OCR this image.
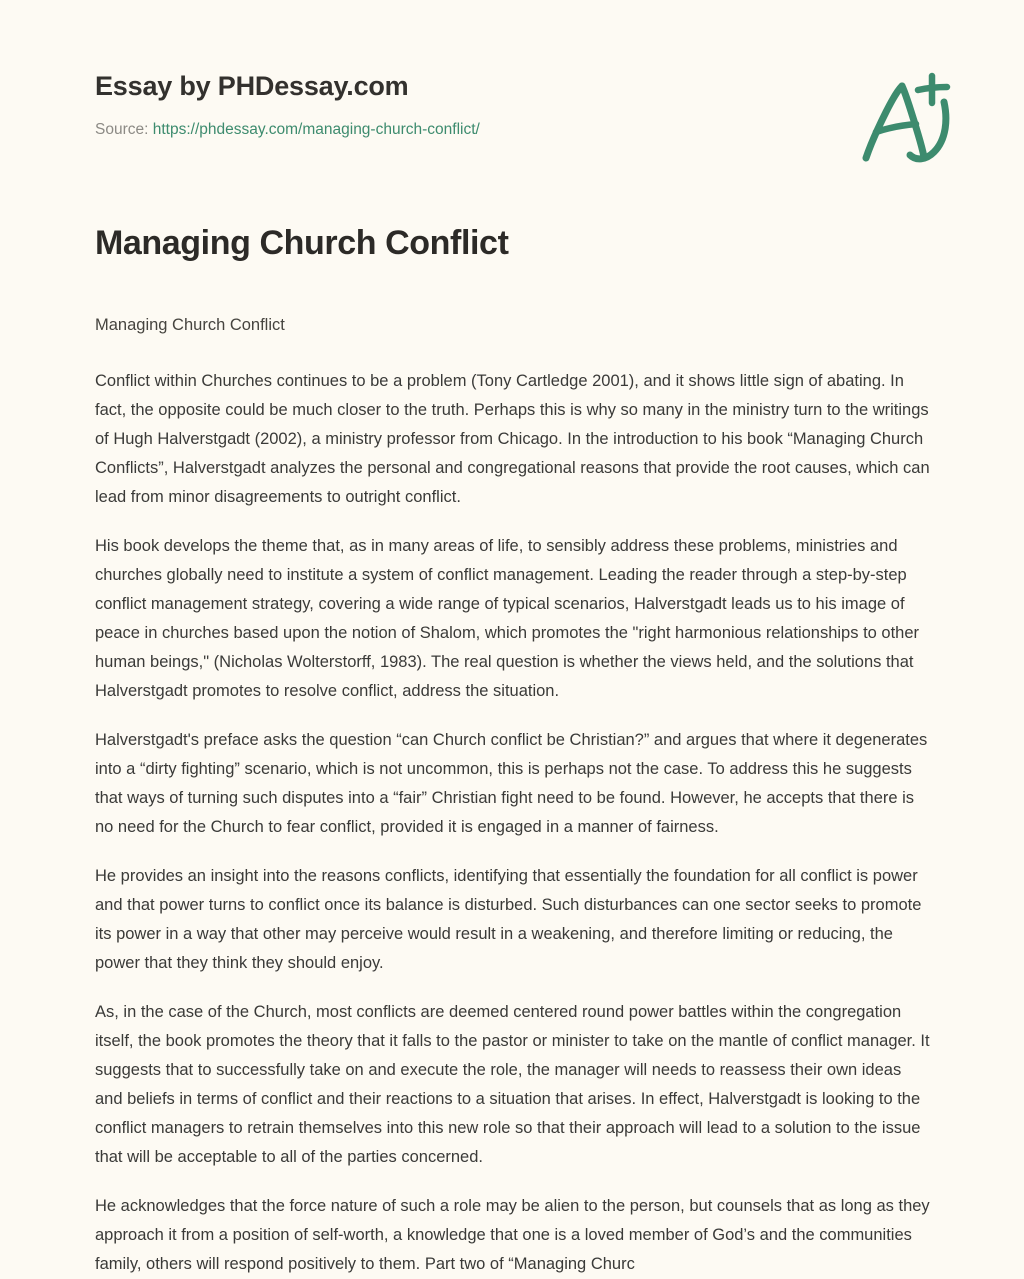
Essay by PHDessay.com
Source: https://phdessay.com/managing-church-conflict/
Managing Church Conflict

Managing Church Conflict

Conflict within Churches continues to be a problem (Tony Cartledge 2001), and it shows little sign of abating. In fact, the opposite could be much closer to the truth. Perhaps this is why so many in the ministry turn to the writings of Hugh Halverstgadt (2002), a ministry professor from Chicago. In the introduction to his book “Managing Church Conflicts”, Halverstgadt analyzes the personal and congregational reasons that provide the root causes, which can lead from minor disagreements to outright conflict.

His book develops the theme that, as in many areas of life, to sensibly address these problems, ministries and churches globally need to institute a system of conflict management. Leading the reader through a step-by-step conflict management strategy, covering a wide range of typical scenarios, Halverstgadt leads us to his image of peace in churches based upon the notion of Shalom, which promotes the "right harmonious relationships to other human beings," (Nicholas Wolterstorff, 1983). The real question is whether the views held, and the solutions that Halverstgadt promotes to resolve conflict, address the situation.

Halverstgadt's preface asks the question “can Church conflict be Christian?” and argues that where it degenerates into a “dirty fighting” scenario, which is not uncommon, this is perhaps not the case. To address this he suggests that ways of turning such disputes into a “fair” Christian fight need to be found. However, he accepts that there is no need for the Church to fear conflict, provided it is engaged in a manner of fairness.

He provides an insight into the reasons conflicts, identifying that essentially the foundation for all conflict is power and that power turns to conflict once its balance is disturbed. Such disturbances can one sector seeks to promote its power in a way that other may perceive would result in a weakening, and therefore limiting or reducing, the power that they think they should enjoy.

As, in the case of the Church, most conflicts are deemed centered round power battles within the congregation itself, the book promotes the theory that it falls to the pastor or minister to take on the mantle of conflict manager. It suggests that to successfully take on and execute the role, the manager will needs to reassess their own ideas and beliefs in terms of conflict and their reactions to a situation that arises. In effect, Halverstgadt is looking to the conflict managers to retrain themselves into this new role so that their approach will lead to a solution to the issue that will be acceptable to all of the parties concerned.

He acknowledges that the force nature of such a role may be alien to the person, but counsels that as long as they approach it from a position of self-worth, a knowledge that one is a loved member of God’s and the communities family, others will respond positively to them. Part two of “Managing Churc
